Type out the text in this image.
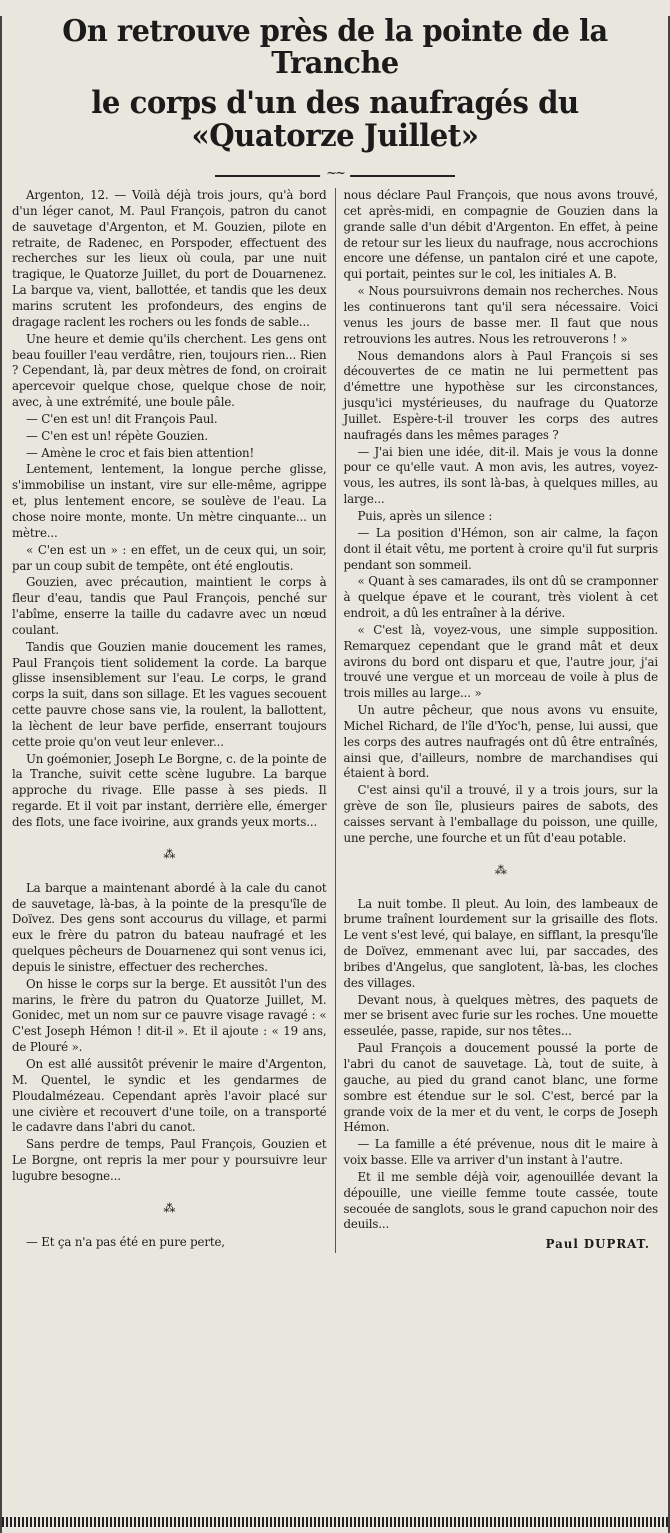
On retrouve près de la pointe de la Tranche
le corps d'un des naufragés du «Quatorze Juillet»
~~

Argenton, 12. — Voilà déjà trois jours, qu'à bord d'un léger canot, M. Paul François, patron du canot de sauvetage d'Argenton, et M. Gouzien, pilote en retraite, de Radenec, en Porspoder, effectuent des recherches sur les lieux où coula, par une nuit tragique, le Quatorze Juillet, du port de Douarnenez. La barque va, vient, ballottée, et tandis que les deux marins scrutent les profondeurs, des engins de dragage raclent les rochers ou les fonds de sable...

Une heure et demie qu'ils cherchent. Les gens ont beau fouiller l'eau verdâtre, rien, toujours rien... Rien ? Cependant, là, par deux mètres de fond, on croirait apercevoir quelque chose, quelque chose de noir, avec, à une extrémité, une boule pâle.

— C'en est un! dit François Paul.

— C'en est un! répète Gouzien.

— Amène le croc et fais bien attention!

Lentement, lentement, la longue perche glisse, s'immobilise un instant, vire sur elle-même, agrippe et, plus lentement encore, se soulève de l'eau. La chose noire monte, monte. Un mètre cinquante... un mètre...

« C'en est un » : en effet, un de ceux qui, un soir, par un coup subit de tempête, ont été engloutis.

Gouzien, avec précaution, maintient le corps à fleur d'eau, tandis que Paul François, penché sur l'abîme, enserre la taille du cadavre avec un nœud coulant.

Tandis que Gouzien manie doucement les rames, Paul François tient solidement la corde. La barque glisse insensiblement sur l'eau. Le corps, le grand corps la suit, dans son sillage. Et les vagues secouent cette pauvre chose sans vie, la roulent, la ballottent, la lèchent de leur bave perfide, enserrant toujours cette proie qu'on veut leur enlever...

Un goémonier, Joseph Le Borgne, c. de la pointe de la Tranche, suivit cette scène lugubre. La barque approche du rivage. Elle passe à ses pieds. Il regarde. Et il voit par instant, derrière elle, émerger des flots, une face ivoirine, aux grands yeux morts...

⁂

La barque a maintenant abordé à la cale du canot de sauvetage, là-bas, à la pointe de la presqu'île de Doïvez. Des gens sont accourus du village, et parmi eux le frère du patron du bateau naufragé et les quelques pêcheurs de Douarnenez qui sont venus ici, depuis le sinistre, effectuer des recherches.

On hisse le corps sur la berge. Et aussitôt l'un des marins, le frère du patron du Quatorze Juillet, M. Gonidec, met un nom sur ce pauvre visage ravagé : « C'est Joseph Hémon ! dit-il ». Et il ajoute : « 19 ans, de Plouré ».

On est allé aussitôt prévenir le maire d'Argenton, M. Quentel, le syndic et les gendarmes de Ploudalmézeau. Cependant après l'avoir placé sur une civière et recouvert d'une toile, on a transporté le cadavre dans l'abri du canot.

Sans perdre de temps, Paul François, Gouzien et Le Borgne, ont repris la mer pour y poursuivre leur lugubre besogne...

⁂

— Et ça n'a pas été en pure perte,

nous déclare Paul François, que nous avons trouvé, cet après-midi, en compagnie de Gouzien dans la grande salle d'un débit d'Argenton. En effet, à peine de retour sur les lieux du naufrage, nous accrochions encore une défense, un pantalon ciré et une capote, qui portait, peintes sur le col, les initiales A. B.

« Nous poursuivrons demain nos recherches. Nous les continuerons tant qu'il sera nécessaire. Voici venus les jours de basse mer. Il faut que nous retrouvions les autres. Nous les retrouverons ! »

Nous demandons alors à Paul François si ses découvertes de ce matin ne lui permettent pas d'émettre une hypothèse sur les circonstances, jusqu'ici mystérieuses, du naufrage du Quatorze Juillet. Espère-t-il trouver les corps des autres naufragés dans les mêmes parages ?

— J'ai bien une idée, dit-il. Mais je vous la donne pour ce qu'elle vaut. A mon avis, les autres, voyez-vous, les autres, ils sont là-bas, à quelques milles, au large...

Puis, après un silence :

— La position d'Hémon, son air calme, la façon dont il était vêtu, me portent à croire qu'il fut surpris pendant son sommeil.

« Quant à ses camarades, ils ont dû se cramponner à quelque épave et le courant, très violent à cet endroit, a dû les entraîner à la dérive.

« C'est là, voyez-vous, une simple supposition. Remarquez cependant que le grand mât et deux avirons du bord ont disparu et que, l'autre jour, j'ai trouvé une vergue et un morceau de voile à plus de trois milles au large... »

Un autre pêcheur, que nous avons vu ensuite, Michel Richard, de l'île d'Yoc'h, pense, lui aussi, que les corps des autres naufragés ont dû être entraînés, ainsi que, d'ailleurs, nombre de marchandises qui étaient à bord.

C'est ainsi qu'il a trouvé, il y a trois jours, sur la grève de son île, plusieurs paires de sabots, des caisses servant à l'emballage du poisson, une quille, une perche, une fourche et un fût d'eau potable.

⁂

La nuit tombe. Il pleut. Au loin, des lambeaux de brume traînent lourdement sur la grisaille des flots. Le vent s'est levé, qui balaye, en sifflant, la presqu'île de Doïvez, emmenant avec lui, par saccades, des bribes d'Angelus, que sanglotent, là-bas, les cloches des villages.

Devant nous, à quelques mètres, des paquets de mer se brisent avec furie sur les roches. Une mouette esseulée, passe, rapide, sur nos têtes...

Paul François a doucement poussé la porte de l'abri du canot de sauvetage. Là, tout de suite, à gauche, au pied du grand canot blanc, une forme sombre est étendue sur le sol. C'est, bercé par la grande voix de la mer et du vent, le corps de Joseph Hémon.

— La famille a été prévenue, nous dit le maire à voix basse. Elle va arriver d'un instant à l'autre.

Et il me semble déjà voir, agenouillée devant la dépouille, une vieille femme toute cassée, toute secouée de sanglots, sous le grand capuchon noir des deuils...

Paul DUPRAT.
